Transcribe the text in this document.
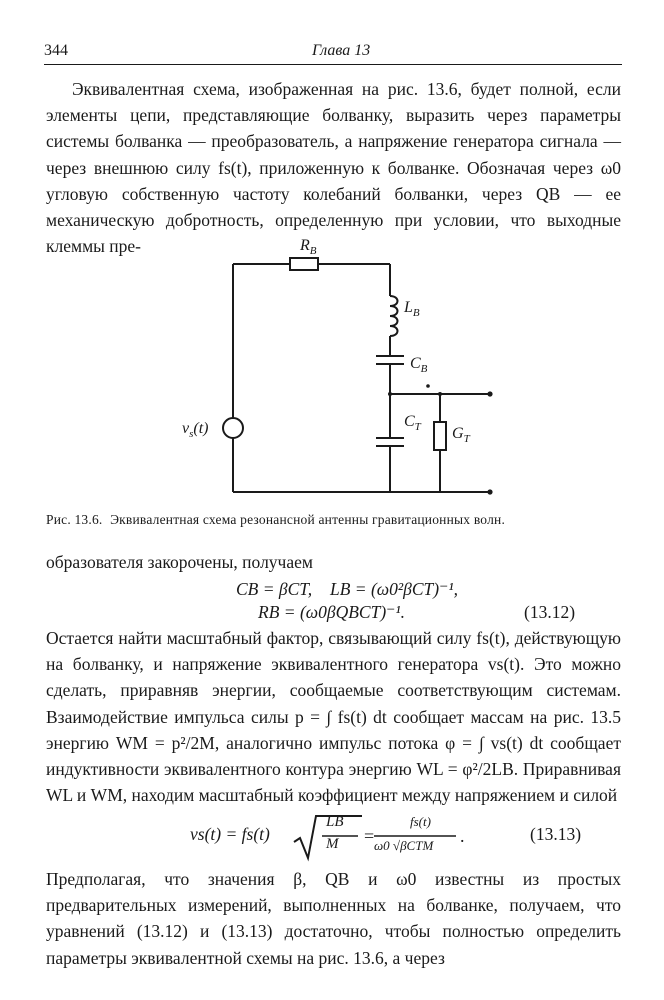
344	Глава 13

Эквивалентная схема, изображенная на рис. 13.6, будет полной, если элементы цепи, представляющие болванку, выразить через параметры системы болванка — преобразователь, а напряжение генератора сигнала — через внешнюю силу fs(t), приложенную к болванке. Обозначая через ω0 угловую собственную частоту колебаний болванки, через QB — ее механическую добротность, определенную при условии, что выходные клеммы пре-	$R_B$
$L_B$
$C_B$
$C_T$ $G_T$
$v_s(t)$
Рис. 13.6. Эквивалентная схема резонансной антенны гравитационных волн.

образователя закорочены, получаем

CB = βCT, LB = (ω0²βCT)⁻¹,
RB = (ω0βQBCT)⁻¹.	(13.12)

Остается найти масштабный фактор, связывающий силу fs(t), действующую на болванку, и напряжение эквивалентного генератора vs(t). Это можно сделать, приравняв энергии, сообщаемые соответствующим системам. Взаимодействие импульса силы p = ∫ fs(t) dt сообщает массам на рис. 13.5 энергию WM = p²/2M, аналогично импульс потока φ = ∫ vs(t) dt сообщает индуктивности эквивалентного контура энергию WL = φ²/2LB. Приравнивая WL и WM, находим масштабный коэффициент между напряжением и силой

vs(t) = fs(t)	=	.
LB
M
fs(t)
ω0 √βCTM
(13.13)

Предполагая, что значения β, QB и ω0 известны из простых предварительных измерений, выполненных на болванке, получаем, что уравнений (13.12) и (13.13) достаточно, чтобы полностью определить параметры эквивалентной схемы на рис. 13.6, а через
